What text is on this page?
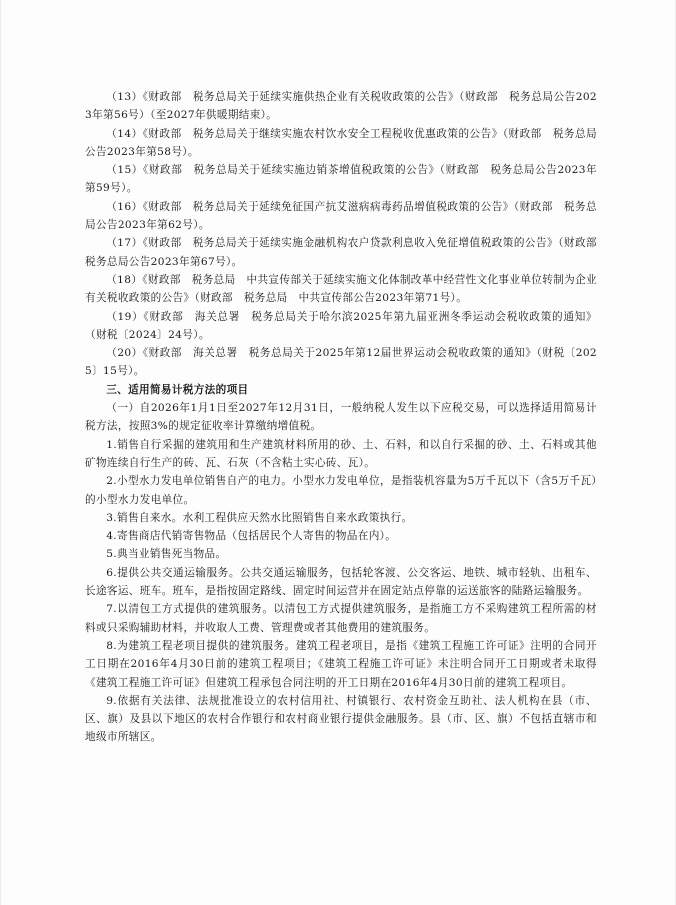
（13）《财政部　税务总局关于延续实施供热企业有关税收政策的公告》（财政部　税务总局公告2023年第56号）（至2027年供暖期结束）。

（14）《财政部　税务总局关于继续实施农村饮水安全工程税收优惠政策的公告》（财政部　税务总局公告2023年第58号）。

（15）《财政部　税务总局关于延续实施边销茶增值税政策的公告》（财政部　税务总局公告2023年第59号）。

（16）《财政部　税务总局关于延续免征国产抗艾滋病病毒药品增值税政策的公告》（财政部　税务总局公告2023年第62号）。

（17）《财政部　税务总局关于延续实施金融机构农户贷款利息收入免征增值税政策的公告》（财政部　税务总局公告2023年第67号）。

（18）《财政部　税务总局　中共宣传部关于延续实施文化体制改革中经营性文化事业单位转制为企业有关税收政策的公告》（财政部　税务总局　中共宣传部公告2023年第71号）。

（19）《财政部　海关总署　税务总局关于哈尔滨2025年第九届亚洲冬季运动会税收政策的通知》（财税〔2024〕24号）。

（20）《财政部　海关总署　税务总局关于2025年第12届世界运动会税收政策的通知》（财税〔2025〕15号）。

三、适用简易计税方法的项目

（一）自2026年1月1日至2027年12月31日，一般纳税人发生以下应税交易，可以选择适用简易计税方法，按照3%的规定征收率计算缴纳增值税。

1.销售自行采掘的建筑用和生产建筑材料所用的砂、土、石料，和以自行采掘的砂、土、石料或其他矿物连续自行生产的砖、瓦、石灰（不含粘土实心砖、瓦）。

2.小型水力发电单位销售自产的电力。小型水力发电单位，是指装机容量为5万千瓦以下（含5万千瓦）的小型水力发电单位。

3.销售自来水。水利工程供应天然水比照销售自来水政策执行。

4.寄售商店代销寄售物品（包括居民个人寄售的物品在内）。

5.典当业销售死当物品。

6.提供公共交通运输服务。公共交通运输服务，包括轮客渡、公交客运、地铁、城市轻轨、出租车、长途客运、班车。班车，是指按固定路线、固定时间运营并在固定站点停靠的运送旅客的陆路运输服务。

7.以清包工方式提供的建筑服务。以清包工方式提供建筑服务，是指施工方不采购建筑工程所需的材料或只采购辅助材料，并收取人工费、管理费或者其他费用的建筑服务。

8.为建筑工程老项目提供的建筑服务。建筑工程老项目，是指《建筑工程施工许可证》注明的合同开工日期在2016年4月30日前的建筑工程项目；《建筑工程施工许可证》未注明合同开工日期或者未取得《建筑工程施工许可证》但建筑工程承包合同注明的开工日期在2016年4月30日前的建筑工程项目。

9.依据有关法律、法规批准设立的农村信用社、村镇银行、农村资金互助社、法人机构在县（市、区、旗）及县以下地区的农村合作银行和农村商业银行提供金融服务。县（市、区、旗）不包括直辖市和地级市所辖区。
